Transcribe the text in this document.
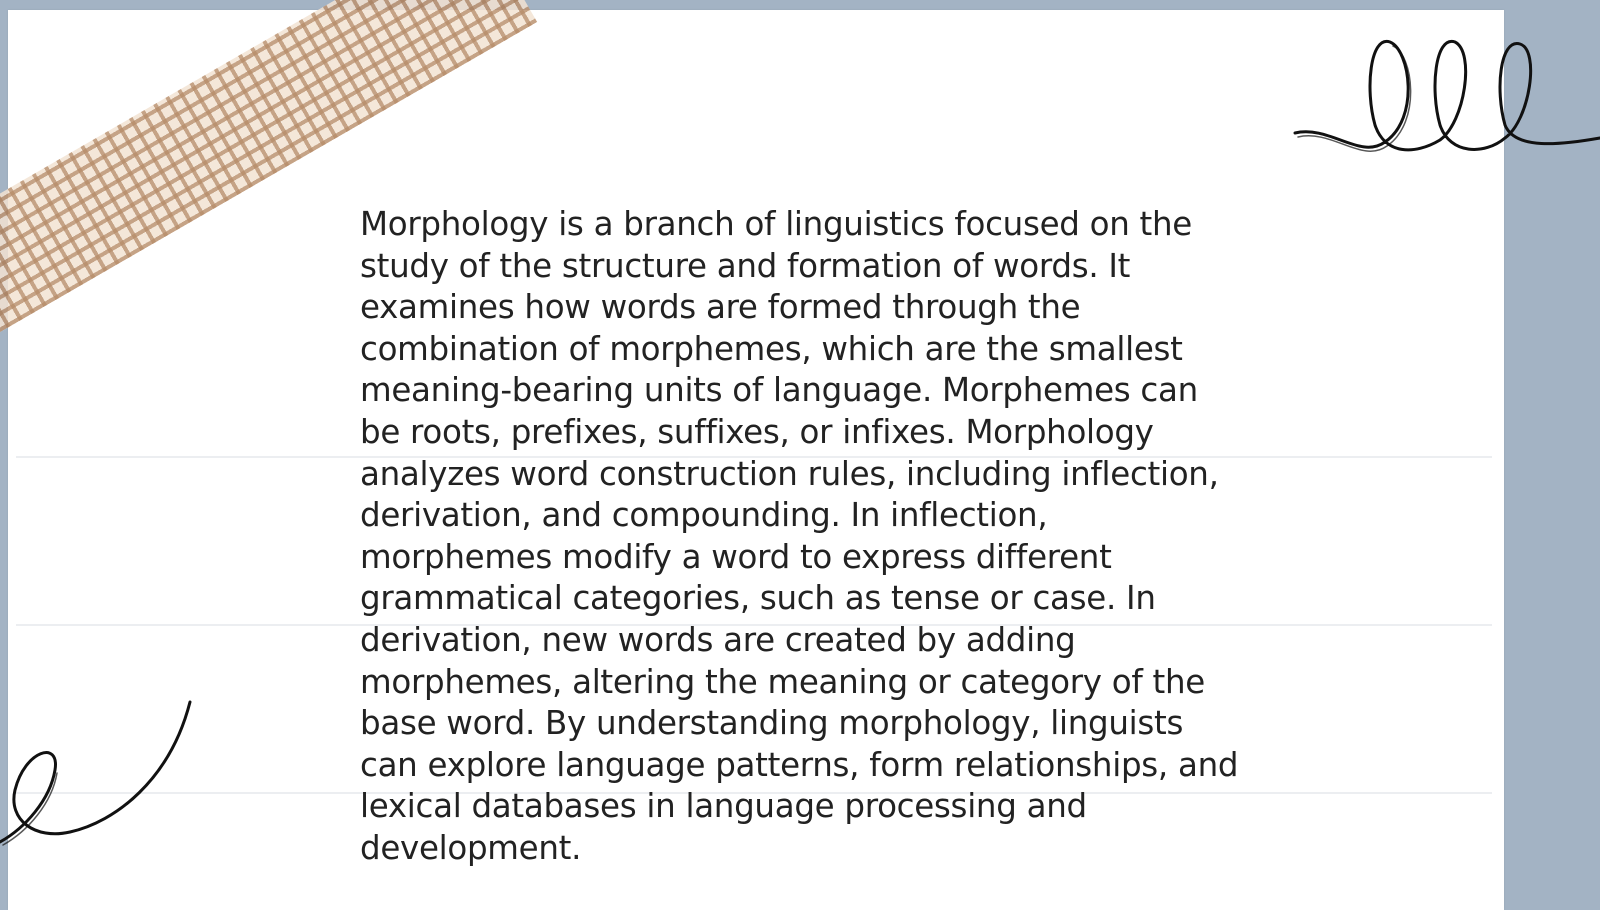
Morphology is a branch of linguistics focused on the study of the structure and formation of words. It examines how words are formed through the combination of morphemes, which are the smallest meaning-bearing units of language. Morphemes can be roots, prefixes, suffixes, or infixes. Morphology analyzes word construction rules, including inflection, derivation, and compounding. In inflection, morphemes modify a word to express different grammatical categories, such as tense or case. In derivation, new words are created by adding morphemes, altering the meaning or category of the base word. By understanding morphology, linguists can explore language patterns, form relationships, and lexical databases in language processing and development.
